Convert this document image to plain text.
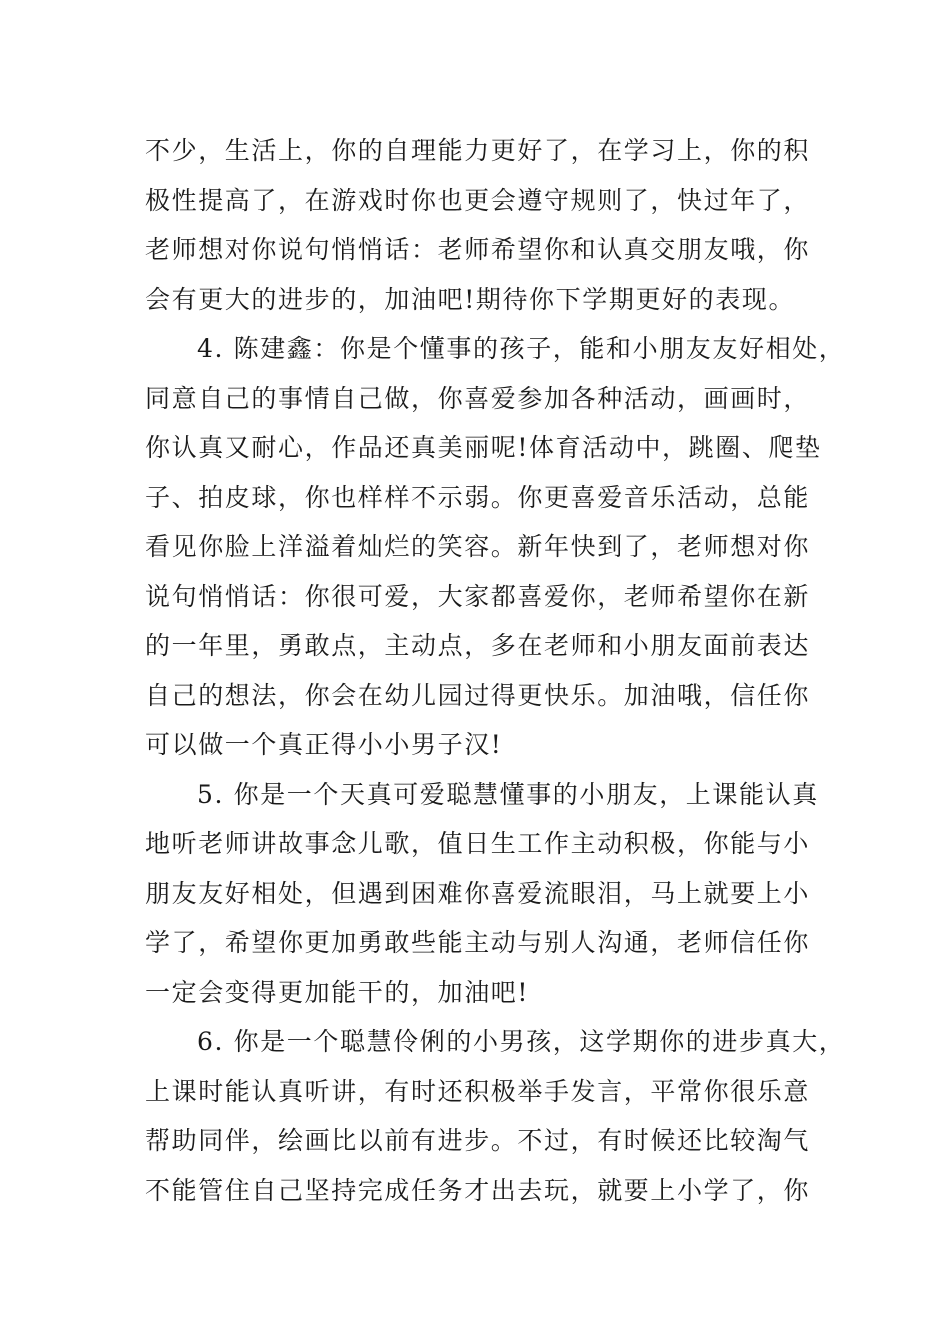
不少，生活上，你的自理能力更好了，在学习上，你的积
极性提高了，在游戏时你也更会遵守规则了，快过年了，
老师想对你说句悄悄话：老师希望你和认真交朋友哦，你
会有更大的进步的，加油吧!期待你下学期更好的表现。
4. 陈建鑫：你是个懂事的孩子，能和小朋友友好相处，
同意自己的事情自己做，你喜爱参加各种活动，画画时，
你认真又耐心，作品还真美丽呢!体育活动中，跳圈、爬垫
子、拍皮球，你也样样不示弱。你更喜爱音乐活动，总能
看见你脸上洋溢着灿烂的笑容。新年快到了，老师想对你
说句悄悄话：你很可爱，大家都喜爱你，老师希望你在新
的一年里，勇敢点，主动点，多在老师和小朋友面前表达
自己的想法，你会在幼儿园过得更快乐。加油哦，信任你
可以做一个真正得小小男子汉!
5. 你是一个天真可爱聪慧懂事的小朋友，上课能认真
地听老师讲故事念儿歌，值日生工作主动积极，你能与小
朋友友好相处，但遇到困难你喜爱流眼泪，马上就要上小
学了，希望你更加勇敢些能主动与别人沟通，老师信任你
一定会变得更加能干的，加油吧!
6. 你是一个聪慧伶俐的小男孩，这学期你的进步真大，
上课时能认真听讲，有时还积极举手发言，平常你很乐意
帮助同伴，绘画比以前有进步。不过，有时候还比较淘气
不能管住自己坚持完成任务才出去玩，就要上小学了，你
